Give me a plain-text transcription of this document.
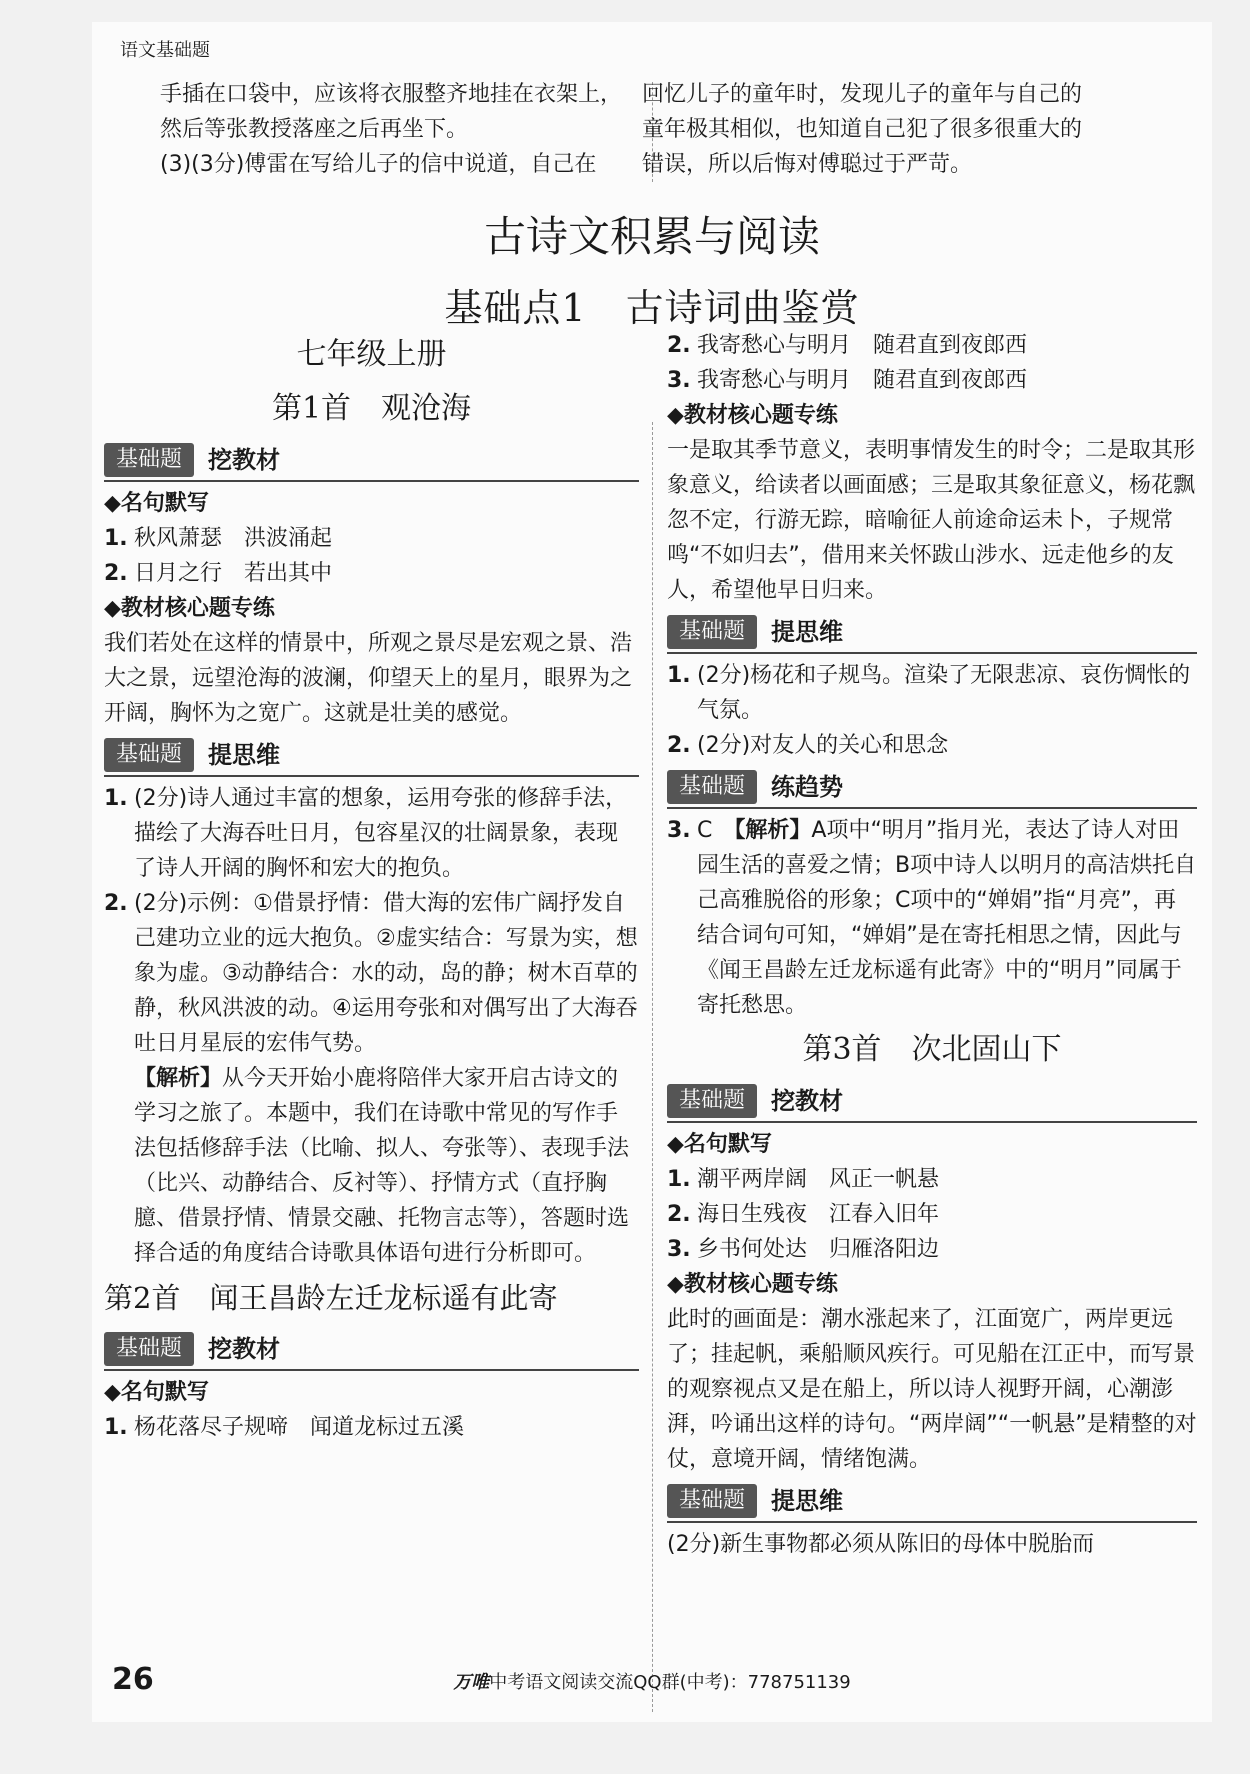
语文基础题

手插在口袋中，应该将衣服整齐地挂在衣架上，

然后等张教授落座之后再坐下。

(3)(3分)傅雷在写给儿子的信中说道，自己在

回忆儿子的童年时，发现儿子的童年与自己的

童年极其相似，也知道自己犯了很多很重大的

错误，所以后悔对傅聪过于严苛。

古诗文积累与阅读
基础点1　古诗词曲鉴赏
七年级上册
第1首　观沧海
基础题	挖教材

◆名句默写

1. 秋风萧瑟　洪波涌起

2. 日月之行　若出其中

◆教材核心题专练

我们若处在这样的情景中，所观之景尽是宏观之景、浩大之景，远望沧海的波澜，仰望天上的星月，眼界为之开阔，胸怀为之宽广。这就是壮美的感觉。

基础题	提思维

1. (2分)诗人通过丰富的想象，运用夸张的修辞手法，描绘了大海吞吐日月，包容星汉的壮阔景象，表现了诗人开阔的胸怀和宏大的抱负。

2. (2分)示例：①借景抒情：借大海的宏伟广阔抒发自己建功立业的远大抱负。②虚实结合：写景为实，想象为虚。③动静结合：水的动，岛的静；树木百草的静，秋风洪波的动。④运用夸张和对偶写出了大海吞吐日月星辰的宏伟气势。

【解析】从今天开始小鹿将陪伴大家开启古诗文的学习之旅了。本题中，我们在诗歌中常见的写作手法包括修辞手法（比喻、拟人、夸张等）、表现手法（比兴、动静结合、反衬等）、抒情方式（直抒胸臆、借景抒情、情景交融、托物言志等），答题时选择合适的角度结合诗歌具体语句进行分析即可。

第2首　闻王昌龄左迁龙标遥有此寄
基础题	挖教材

◆名句默写

1. 杨花落尽子规啼　闻道龙标过五溪

2. 我寄愁心与明月　随君直到夜郎西

3. 我寄愁心与明月　随君直到夜郎西

◆教材核心题专练

一是取其季节意义，表明事情发生的时令；二是取其形象意义，给读者以画面感；三是取其象征意义，杨花飘忽不定，行游无踪，暗喻征人前途命运未卜，子规常鸣“不如归去”，借用来关怀跋山涉水、远走他乡的友人，希望他早日归来。

基础题	提思维

1. (2分)杨花和子规鸟。渲染了无限悲凉、哀伤惆怅的气氛。

2. (2分)对友人的关心和思念

基础题	练趋势

3. C　 【解析】A项中“明月”指月光，表达了诗人对田园生活的喜爱之情；B项中诗人以明月的高洁烘托自己高雅脱俗的形象；C项中的“婵娟”指“月亮”，再结合词句可知，“婵娟”是在寄托相思之情，因此与《闻王昌龄左迁龙标遥有此寄》中的“明月”同属于寄托愁思。

第3首　次北固山下
基础题	挖教材

◆名句默写

1. 潮平两岸阔　风正一帆悬

2. 海日生残夜　江春入旧年

3. 乡书何处达　归雁洛阳边

◆教材核心题专练

此时的画面是：潮水涨起来了，江面宽广，两岸更远了；挂起帆，乘船顺风疾行。可见船在江正中，而写景的观察视点又是在船上，所以诗人视野开阔，心潮澎湃，吟诵出这样的诗句。“两岸阔”“一帆悬”是精整的对仗，意境开阔，情绪饱满。

基础题	提思维

(2分)新生事物都必须从陈旧的母体中脱胎而

26	万唯中考语文阅读交流QQ群(中考)：778751139
